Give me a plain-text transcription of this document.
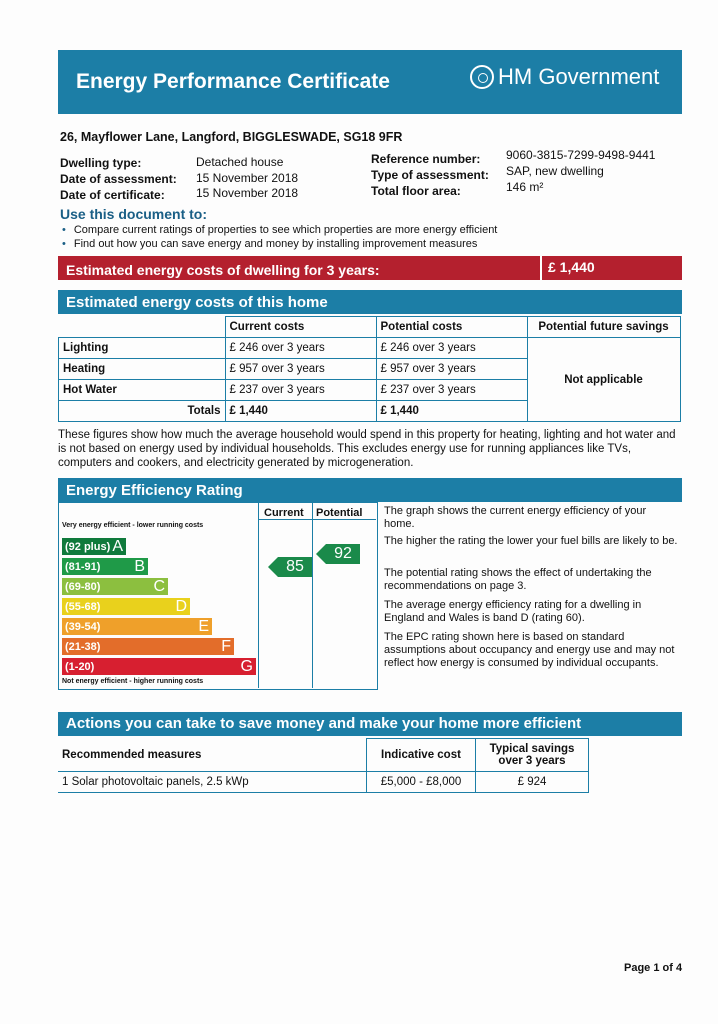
Energy Performance Certificate	HM Government
26, Mayflower Lane, Langford, BIGGLESWADE, SG18 9FR
Dwelling type:	Detached house
Date of assessment: 15 November 2018
Date of certificate:	15 November 2018
Reference number: 9060-3815-7299-9498-9441
Type of assessment: SAP, new dwelling
Total floor area:	146 m²
Use this document to:
• Compare current ratings of properties to see which properties are more energy efficient
• Find out how you can save energy and money by installing improvement measures
Estimated energy costs of dwelling for 3 years:	£ 1,440
Estimated energy costs of this home
	Current costs	Potential costs	Potential future savings
Lighting	£ 246 over 3 years	£ 246 over 3 years	Not applicable
Heating	£ 957 over 3 years	£ 957 over 3 years	
Hot Water	£ 237 over 3 years	£ 237 over 3 years	
Totals	£ 1,440	£ 1,440	
These figures show how much the average household would spend in this property for heating, lighting and hot water and is not based on energy used by individual households. This excludes energy use for running appliances like TVs, computers and cookers, and electricity generated by microgeneration.
Energy Efficiency Rating
Current Potential
Very energy efficient - lower running costs
Not energy efficient - higher running costs
(92 plus) A
(81-91) B
(69-80)	C
(55-68)	D
(39-54)	E
(21-38)	F
(1-20)	G
85
92
The graph shows the current energy efficiency of your home.
The higher the rating the lower your fuel bills are likely to be.
The potential rating shows the effect of undertaking the recommendations on page 3.
The average energy efficiency rating for a dwelling in England and Wales is band D (rating 60).
The EPC rating shown here is based on standard assumptions about occupancy and energy use and may not reflect how energy is consumed by individual occupants.
Actions you can take to save money and make your home more efficient
Recommended measures	Indicative cost	Typical savings over 3 years
1 Solar photovoltaic panels, 2.5 kWp	£5,000 - £8,000	£ 924
Page 1 of 4
